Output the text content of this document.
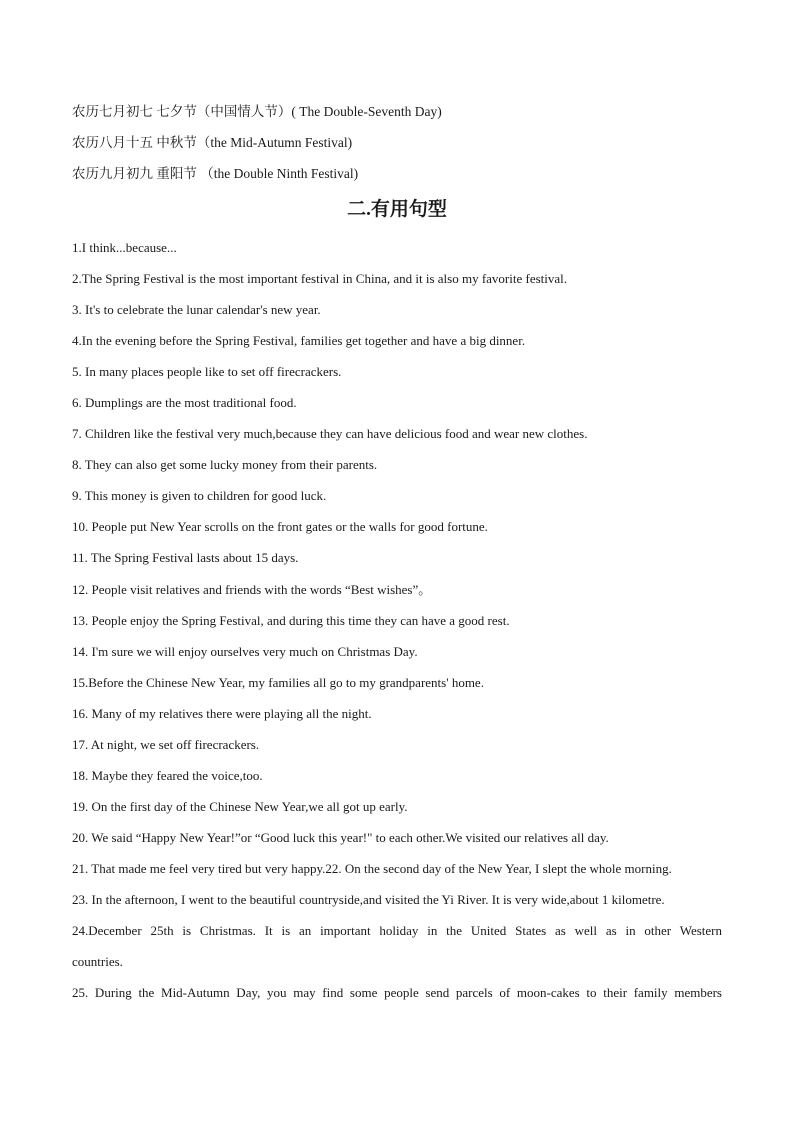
农历七月初七 七夕节（中国情人节）( The Double-Seventh Day)
农历八月十五 中秋节（the Mid-Autumn Festival)
农历九月初九 重阳节 （the Double Ninth Festival)
二.有用句型
1.I think...because...
2.The Spring Festival is the most important festival in China, and it is also my favorite festival.
3. It's to celebrate the lunar calendar's new year.
4.In the evening before the Spring Festival, families get together and have a big dinner.
5. In many places people like to set off firecrackers.
6. Dumplings are the most traditional food.
7. Children like the festival very much,because they can have delicious food and wear new clothes.
8. They can also get some lucky money from their parents.
9. This money is given to children for good luck.
10. People put New Year scrolls on the front gates or the walls for good fortune.
11. The Spring Festival lasts about 15 days.
12. People visit relatives and friends with the words “Best wishes”。
13. People enjoy the Spring Festival, and during this time they can have a good rest.
14. I'm sure we will enjoy ourselves very much on Christmas Day.
15.Before the Chinese New Year, my families all go to my grandparents' home.
16. Many of my relatives there were playing all the night.
17. At night, we set off firecrackers.
18. Maybe they feared the voice,too.
19. On the first day of the Chinese New Year,we all got up early.
20. We said “Happy New Year!”or “Good luck this year!" to each other.We visited our relatives all day.
21. That made me feel very tired but very happy.22. On the second day of the New Year, I slept the whole morning.
23. In the afternoon, I went to the beautiful countryside,and visited the Yi River. It is very wide,about 1 kilometre.
24.December 25th is Christmas. It is an important holiday in the United States as well as in other Western
countries.
25. During the Mid-Autumn Day, you may find some people send parcels of moon-cakes to their family members
